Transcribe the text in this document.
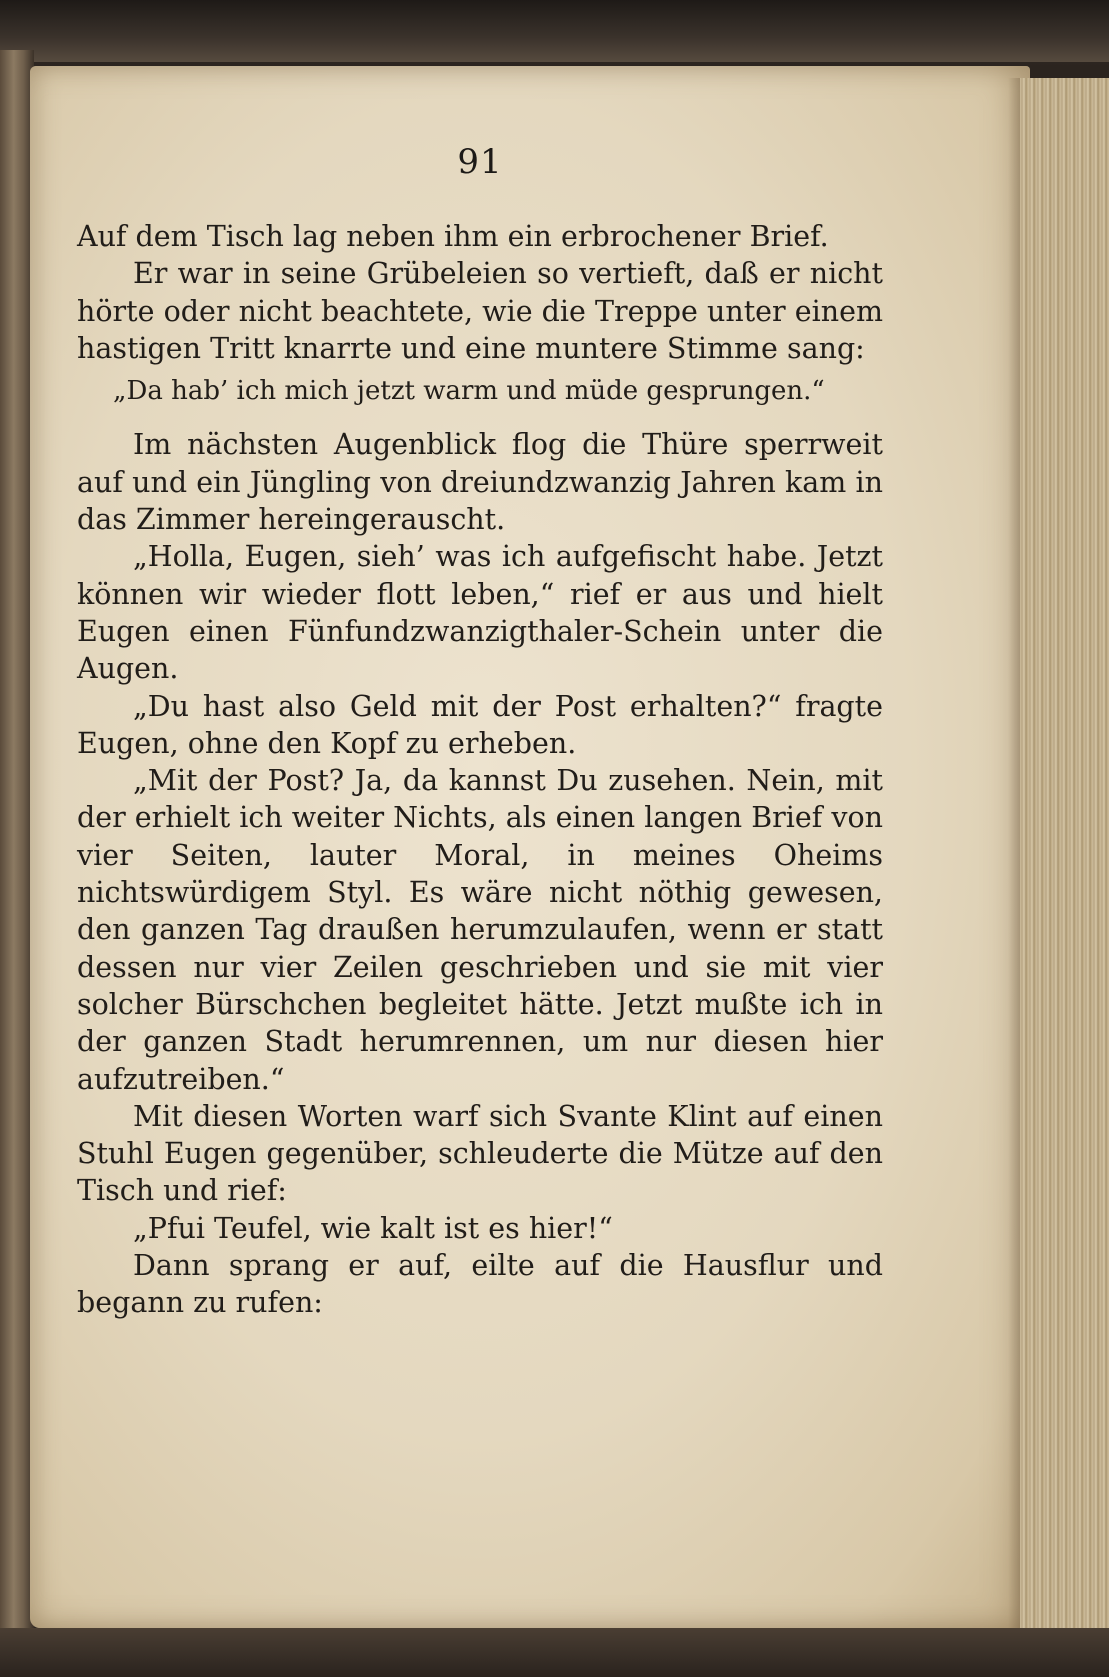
91

Auf dem Tisch lag neben ihm ein erbrochener Brief.

Er war in seine Grübeleien so vertieft, daß er nicht hörte oder nicht beachtete, wie die Treppe unter einem hastigen Tritt knarrte und eine muntere Stimme sang:

„Da hab’ ich mich jetzt warm und müde gesprungen.“

Im nächsten Augenblick flog die Thüre sperrweit auf und ein Jüngling von dreiundzwanzig Jahren kam in das Zimmer hereingerauscht.

„Holla, Eugen, sieh’ was ich aufgefischt habe. Jetzt können wir wieder flott leben,“ rief er aus und hielt Eugen einen Fünfundzwanzigthaler-Schein unter die Augen.

„Du hast also Geld mit der Post erhalten?“ fragte Eugen, ohne den Kopf zu erheben.

„Mit der Post? Ja, da kannst Du zusehen. Nein, mit der erhielt ich weiter Nichts, als einen langen Brief von vier Seiten, lauter Moral, in meines Oheims nichtswürdigem Styl. Es wäre nicht nöthig gewesen, den ganzen Tag draußen herumzulaufen, wenn er statt dessen nur vier Zeilen geschrieben und sie mit vier solcher Bürschchen begleitet hätte. Jetzt mußte ich in der ganzen Stadt herumrennen, um nur diesen hier aufzutreiben.“

Mit diesen Worten warf sich Svante Klint auf einen Stuhl Eugen gegenüber, schleuderte die Mütze auf den Tisch und rief:

„Pfui Teufel, wie kalt ist es hier!“

Dann sprang er auf, eilte auf die Hausflur und begann zu rufen:
